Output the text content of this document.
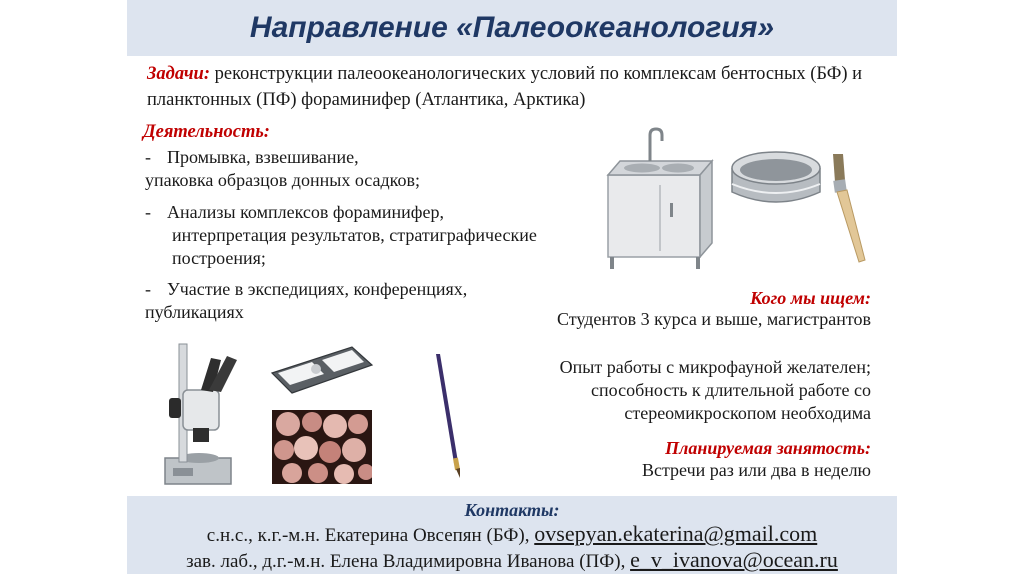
Направление «Палеоокеанология»
Задачи: реконструкции палеоокеанологических условий по комплексам бентосных (БФ) и планктонных (ПФ) фораминифер (Атлантика, Арктика)
Деятельность:
- Промывка, взвешивание,
упаковка образцов донных осадков;
- Анализы комплексов фораминифер,
интерпретация результатов, стратиграфические
построения;
- Участие в экспедициях, конференциях,
публикациях
Кого мы ищем:
Студентов 3 курса и выше, магистрантов
Опыт работы с микрофауной желателен;
способность к длительной работе со
стереомикроскопом необходима
Планируемая занятость:
Встречи раз или два в неделю
Контакты:
с.н.с., к.г.-м.н. Екатерина Овсепян (БФ), ovsepyan.ekaterina@gmail.com
зав. лаб., д.г.-м.н. Елена Владимировна Иванова (ПФ), e_v_ivanova@ocean.ru
